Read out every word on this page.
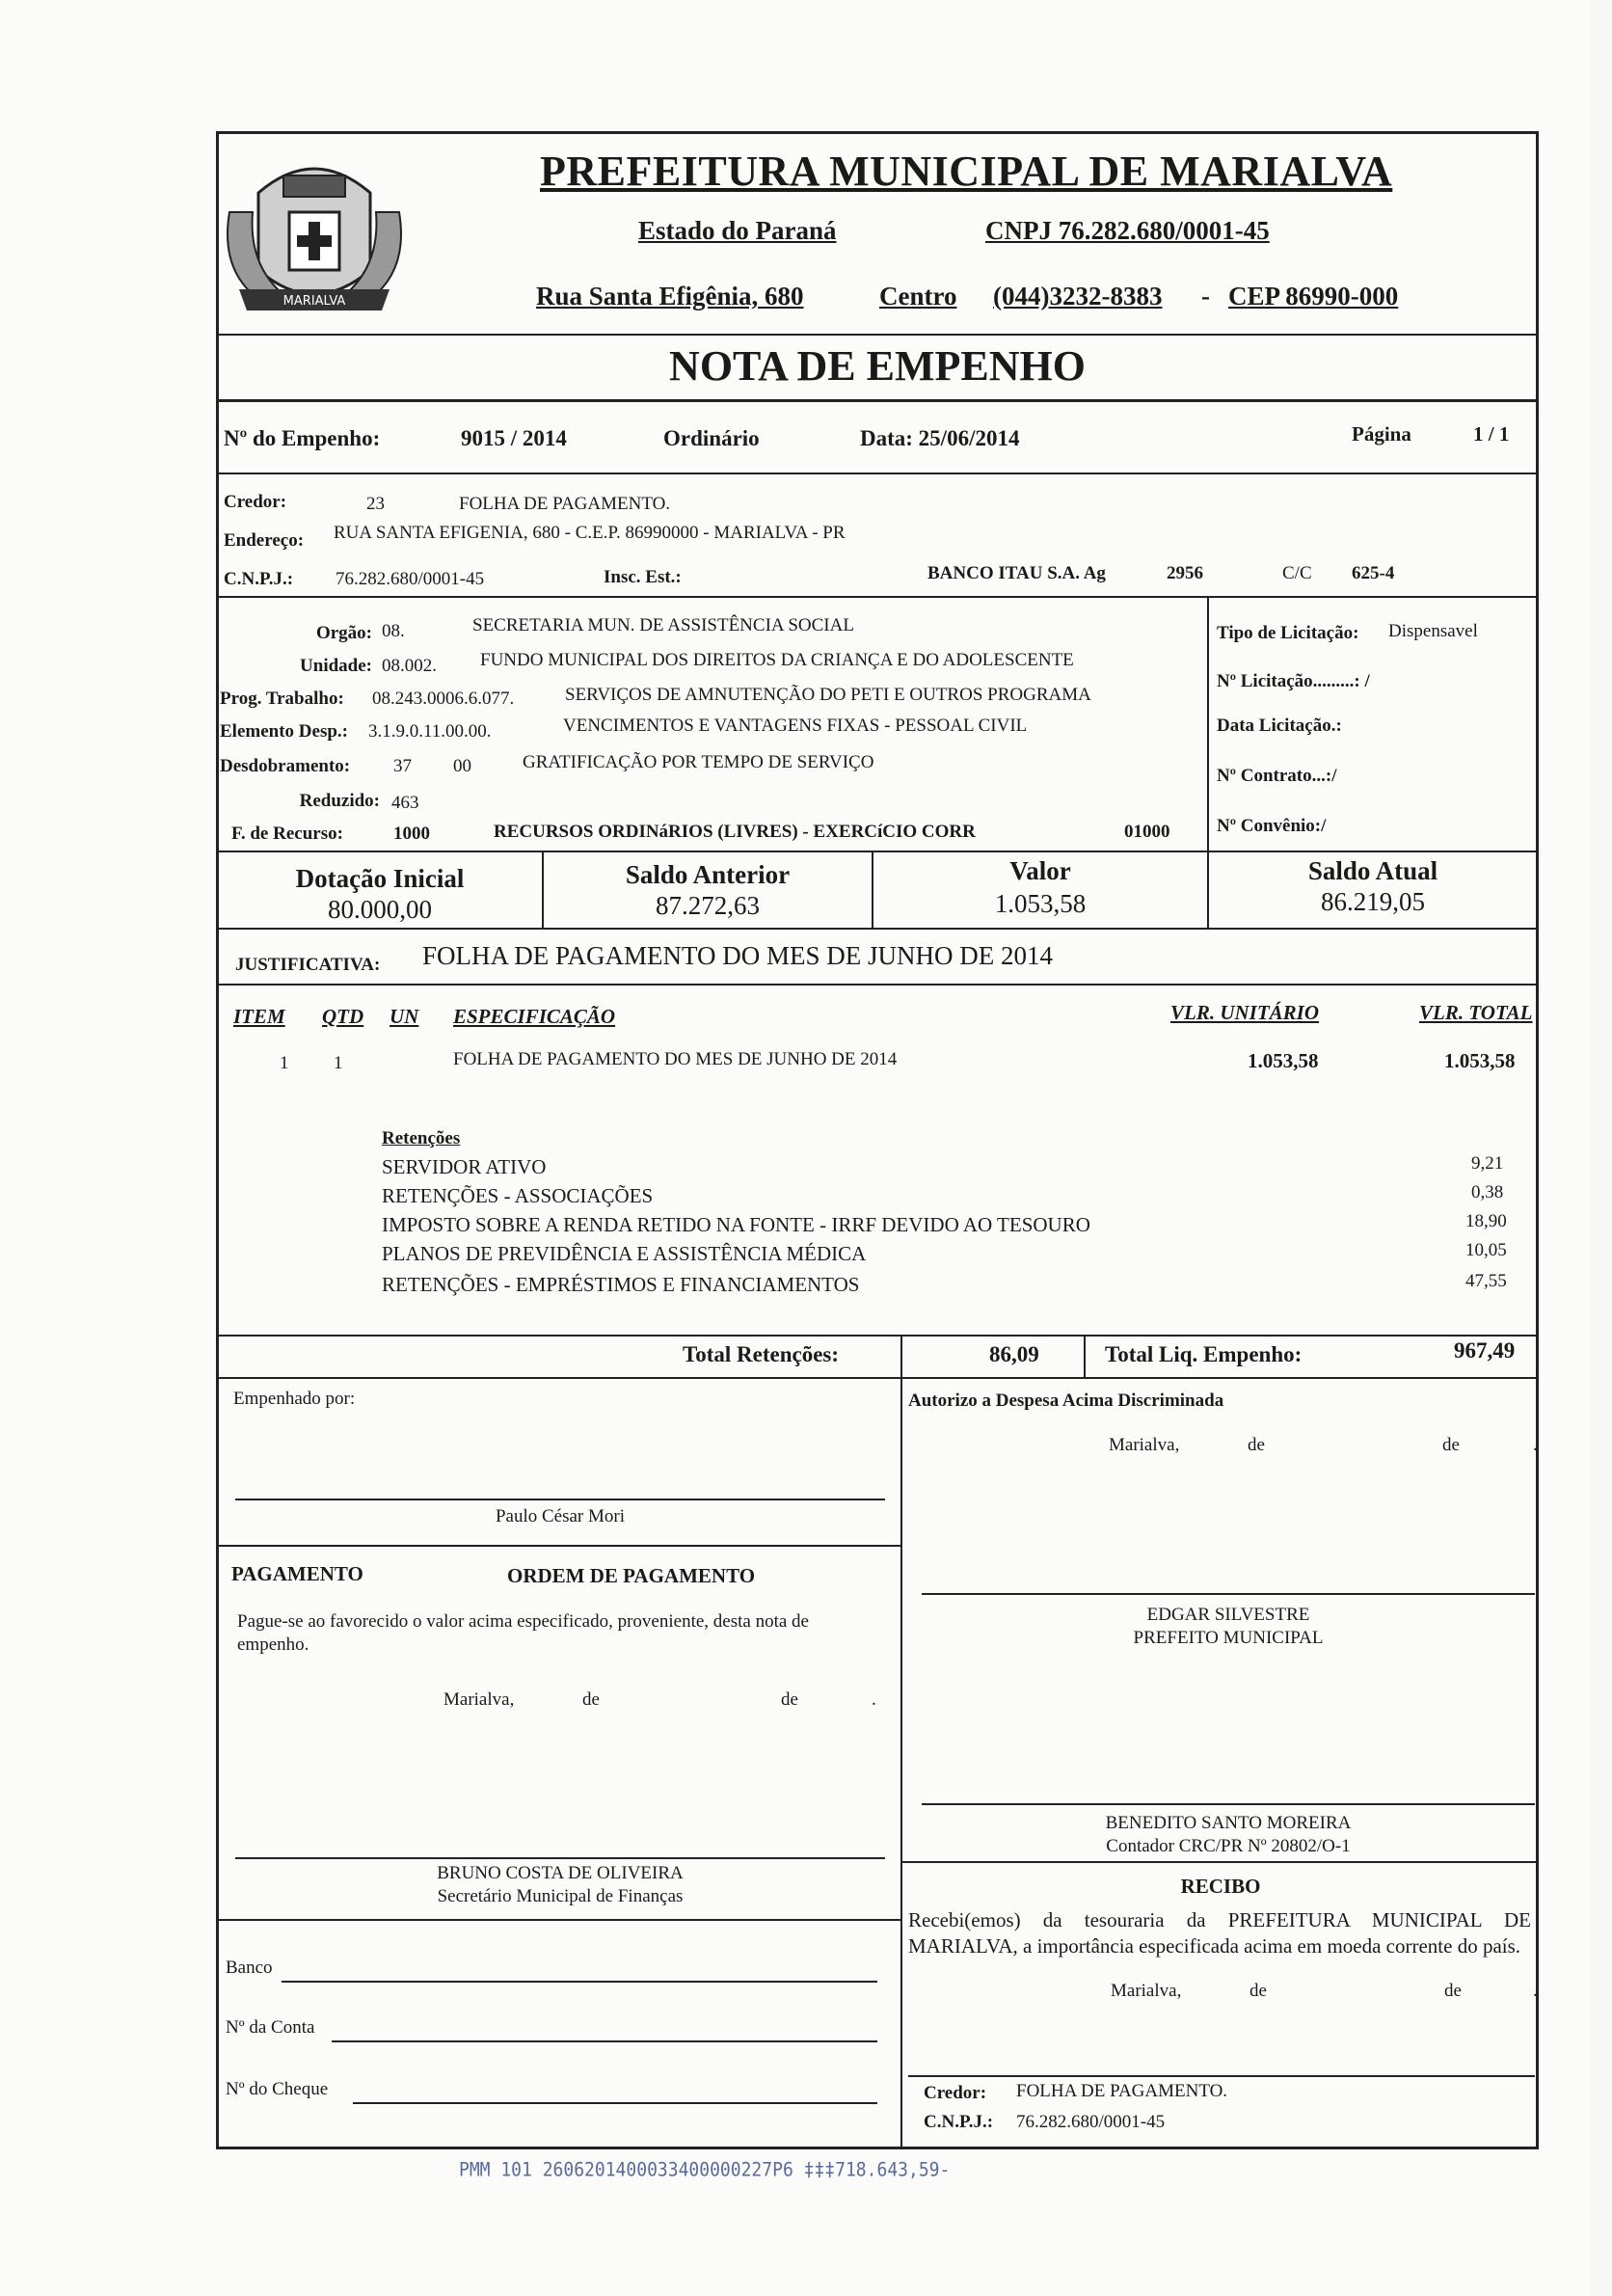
MARIALVA
PREFEITURA MUNICIPAL DE MARIALVA
Estado do Paraná	CNPJ 76.282.680/0001-45
Rua Santa Efigênia, 680	Centro (044)3232-8383 - CEP 86990-000
NOTA DE EMPENHO
Nº do Empenho:	9015 / 2014	Ordinário	Data: 25/06/2014	Página	1 / 1
Credor:	23	FOLHA DE PAGAMENTO.
Endereço: RUA SANTA EFIGENIA, 680 - C.E.P. 86990000 - MARIALVA - PR
C.N.P.J.: 76.282.680/0001-45	Insc. Est.:	BANCO ITAU S.A. Ag	2956	C/C 625-4
Orgão: 08.	SECRETARIA MUN. DE ASSISTÊNCIA SOCIAL
Unidade: 08.002. FUNDO MUNICIPAL DOS DIREITOS DA CRIANÇA E DO ADOLESCENTE
Prog. Trabalho: 08.243.0006.6.077.	SERVIÇOS DE AMNUTENÇÃO DO PETI E OUTROS PROGRAMA
Elemento Desp.: 3.1.9.0.11.00.00.	VENCIMENTOS E VANTAGENS FIXAS - PESSOAL CIVIL
Desdobramento: 37 00	GRATIFICAÇÃO POR TEMPO DE SERVIÇO
Reduzido: 463
F. de Recurso:	1000	RECURSOS ORDINáRIOS (LIVRES) - EXERCíCIO CORR	01000
Tipo de Licitação: Dispensavel
Nº Licitação.........: /
Data Licitação.:
Nº Contrato...:/
Nº Convênio:/
Dotação Inicial
80.000,00
Saldo Anterior
87.272,63
Valor
1.053,58
Saldo Atual
86.219,05
JUSTIFICATIVA: FOLHA DE PAGAMENTO DO MES DE JUNHO DE 2014
ITEM QTD UN ESPECIFICAÇÃO	VLR. UNITÁRIO	VLR. TOTAL
1 1	FOLHA DE PAGAMENTO DO MES DE JUNHO DE 2014	1.053,58	1.053,58
Retenções
SERVIDOR ATIVO	9,21
RETENÇÕES - ASSOCIAÇÕES	0,38
IMPOSTO SOBRE A RENDA RETIDO NA FONTE - IRRF DEVIDO AO TESOURO	18,90
PLANOS DE PREVIDÊNCIA E ASSISTÊNCIA MÉDICA	10,05
RETENÇÕES - EMPRÉSTIMOS E FINANCIAMENTOS	47,55
Total Retenções:	86,09	Total Liq. Empenho:	967,49
Empenhado por:
Paulo César Mori
PAGAMENTO	ORDEM DE PAGAMENTO
Pague-se ao favorecido o valor acima especificado, proveniente, desta nota de empenho.
Marialva,	de	de	.
BRUNO COSTA DE OLIVEIRA
Secretário Municipal de Finanças
Banco
Nº da Conta
Nº do Cheque
Autorizo a Despesa Acima Discriminada
Marialva,	de	de	.
EDGAR SILVESTRE
PREFEITO MUNICIPAL
BENEDITO SANTO MOREIRA
Contador CRC/PR Nº 20802/O-1
RECIBO
Recebi(emos) da tesouraria da PREFEITURA MUNICIPAL DE MARIALVA, a importância especificada acima em moeda corrente do país.
Marialva,	de	de	.
Credor: FOLHA DE PAGAMENTO.
C.N.P.J.: 76.282.680/0001-45
PMM 101 2606201400033400000227P6 ‡‡‡718.643,59-
